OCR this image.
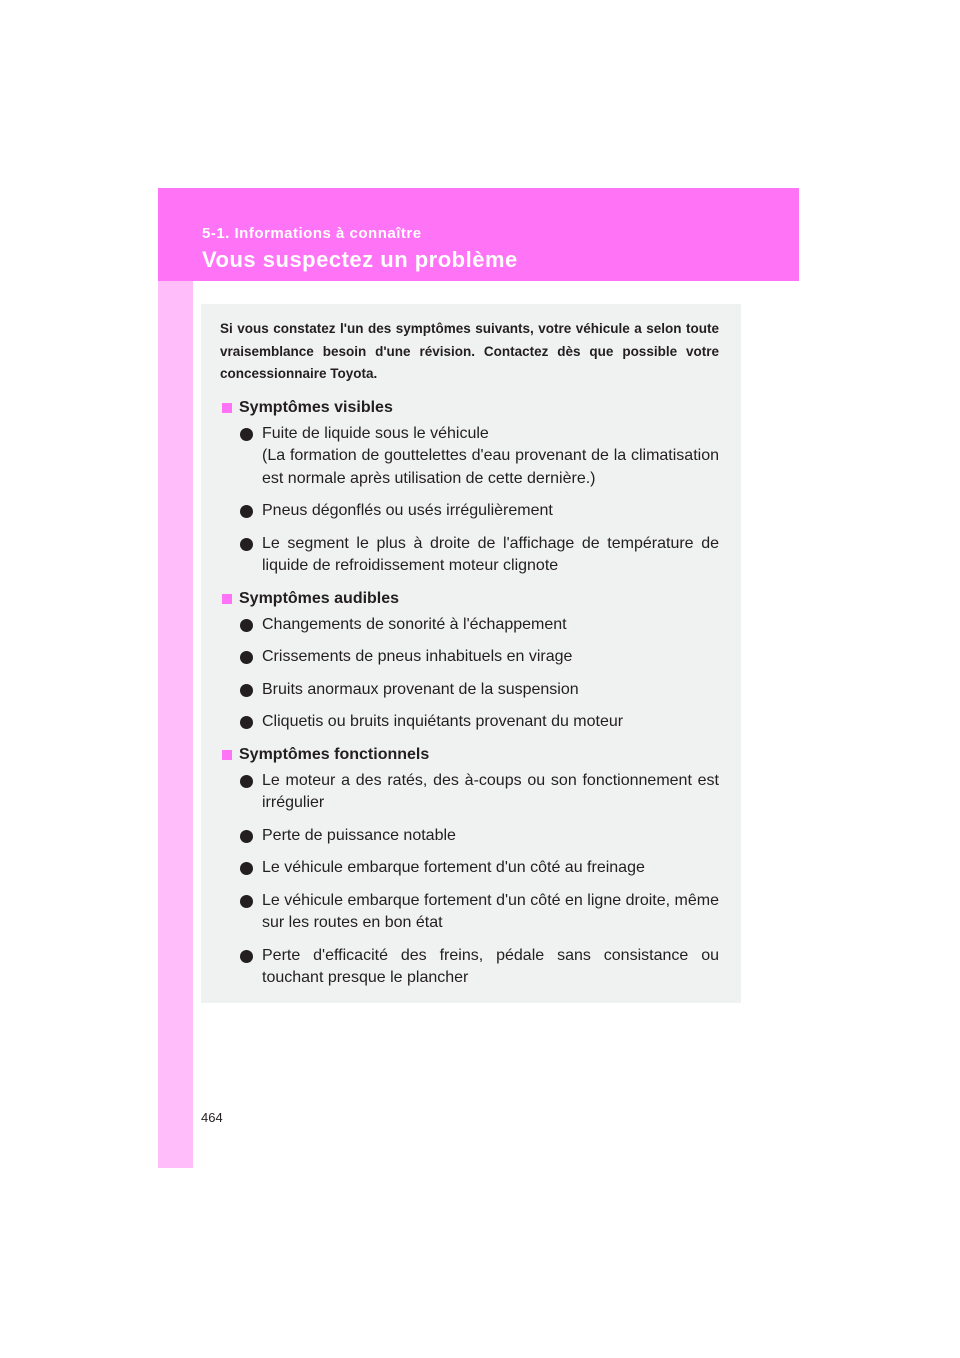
5-1. Informations à connaître
Vous suspectez un problème

Si vous constatez l'un des symptômes suivants, votre véhicule a selon toute vraisemblance besoin d'une révision. Contactez dès que possible votre concessionnaire Toyota.

Symptômes visibles
Fuite de liquide sous le véhicule
(La formation de gouttelettes d'eau provenant de la climatisation est normale après utilisation de cette dernière.)
Pneus dégonflés ou usés irrégulièrement
Le segment le plus à droite de l'affichage de température de liquide de refroidissement moteur clignote
Symptômes audibles
Changements de sonorité à l'échappement
Crissements de pneus inhabituels en virage
Bruits anormaux provenant de la suspension
Cliquetis ou bruits inquiétants provenant du moteur
Symptômes fonctionnels
Le moteur a des ratés, des à-coups ou son fonctionnement est irrégulier
Perte de puissance notable
Le véhicule embarque fortement d'un côté au freinage
Le véhicule embarque fortement d'un côté en ligne droite, même sur les routes en bon état
Perte d'efficacité des freins, pédale sans consistance ou touchant presque le plancher
464
